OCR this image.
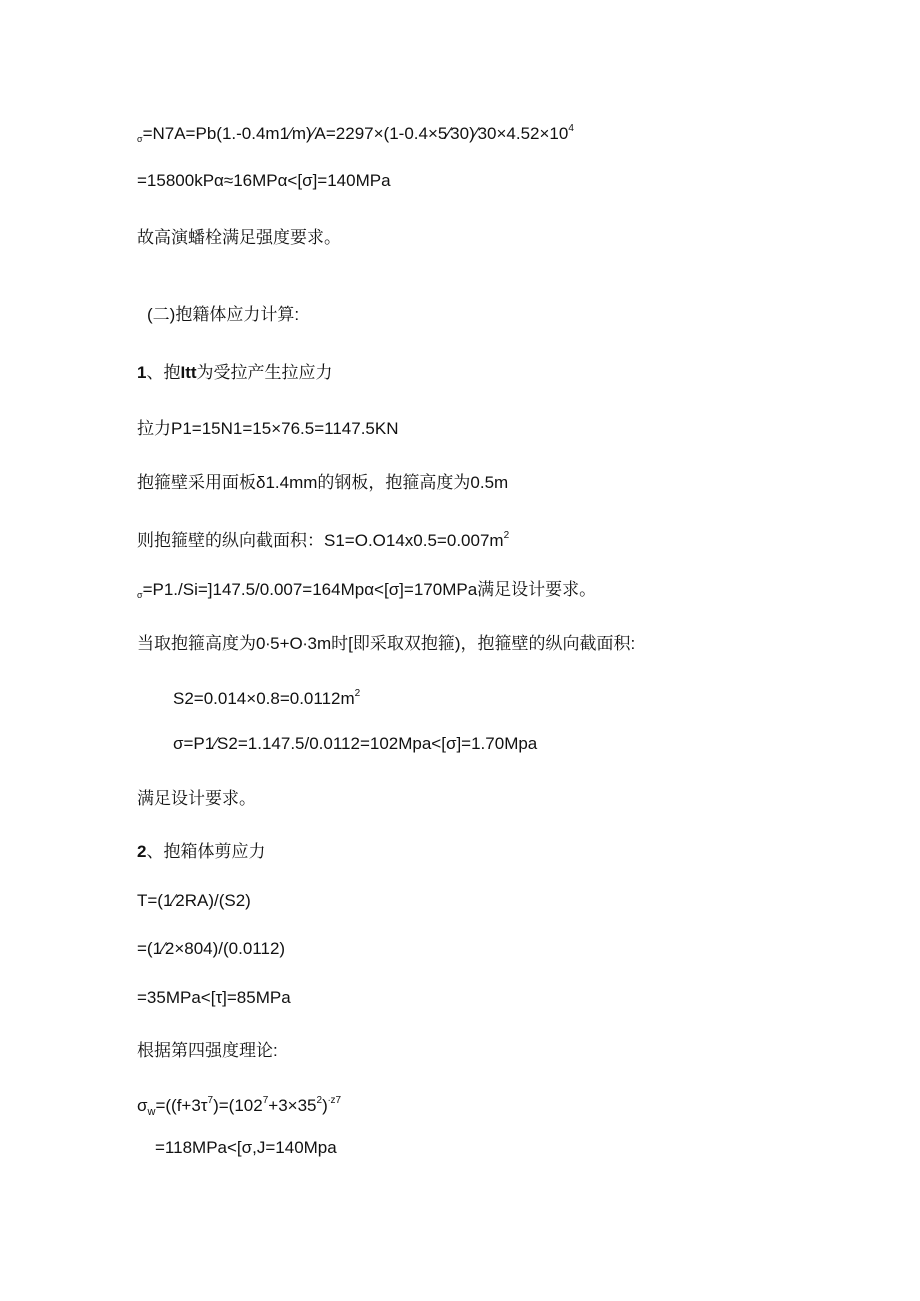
$\sigma=N7A=Pb(1.-0.4m1∕m)∕A=2297\times(1-0.4\times 5∕30)∕30\times 4.52\times 10^4$
=15800kPα≈16MPα<[σ]=140MPa
故高演蟠栓满足强度要求。
(二)抱籍体应力计算:
1、抱Itt为受拉产生拉应力
拉力P1=15N1=15×76.5=1147.5KN
抱箍壁采用面板δ1.4mm的钢板，抱箍高度为0.5m
则抱箍壁的纵向截面积：$S1=O.O14x0.5=0.007m^2$
σ=P1./Si=]147.5/0.007=164Mpα<[σ]=170MPa满足设计要求。
当取抱箍高度为0∙5+O∙3m时[即采取双抱箍)，抱箍壁的纵向截面积:
$S2=0.014\times 0.8=0.0112m^2$
σ=P1∕S2=1.147.5/0.0112=102Mpa<[σ]=1.70Mpa
满足设计要求。
2、抱箱体剪应力
T=(1∕2RA)/(S2)
=(1∕2×804)/(0.0112)
=35MPa<[τ]=85MPa
根据第四强度理论:
$\sigma_w=((f+3\tau^7)=(102^7+3\times 35^2)^{\cdot z7}$
=118MPa<[σ,J=140Mpa
